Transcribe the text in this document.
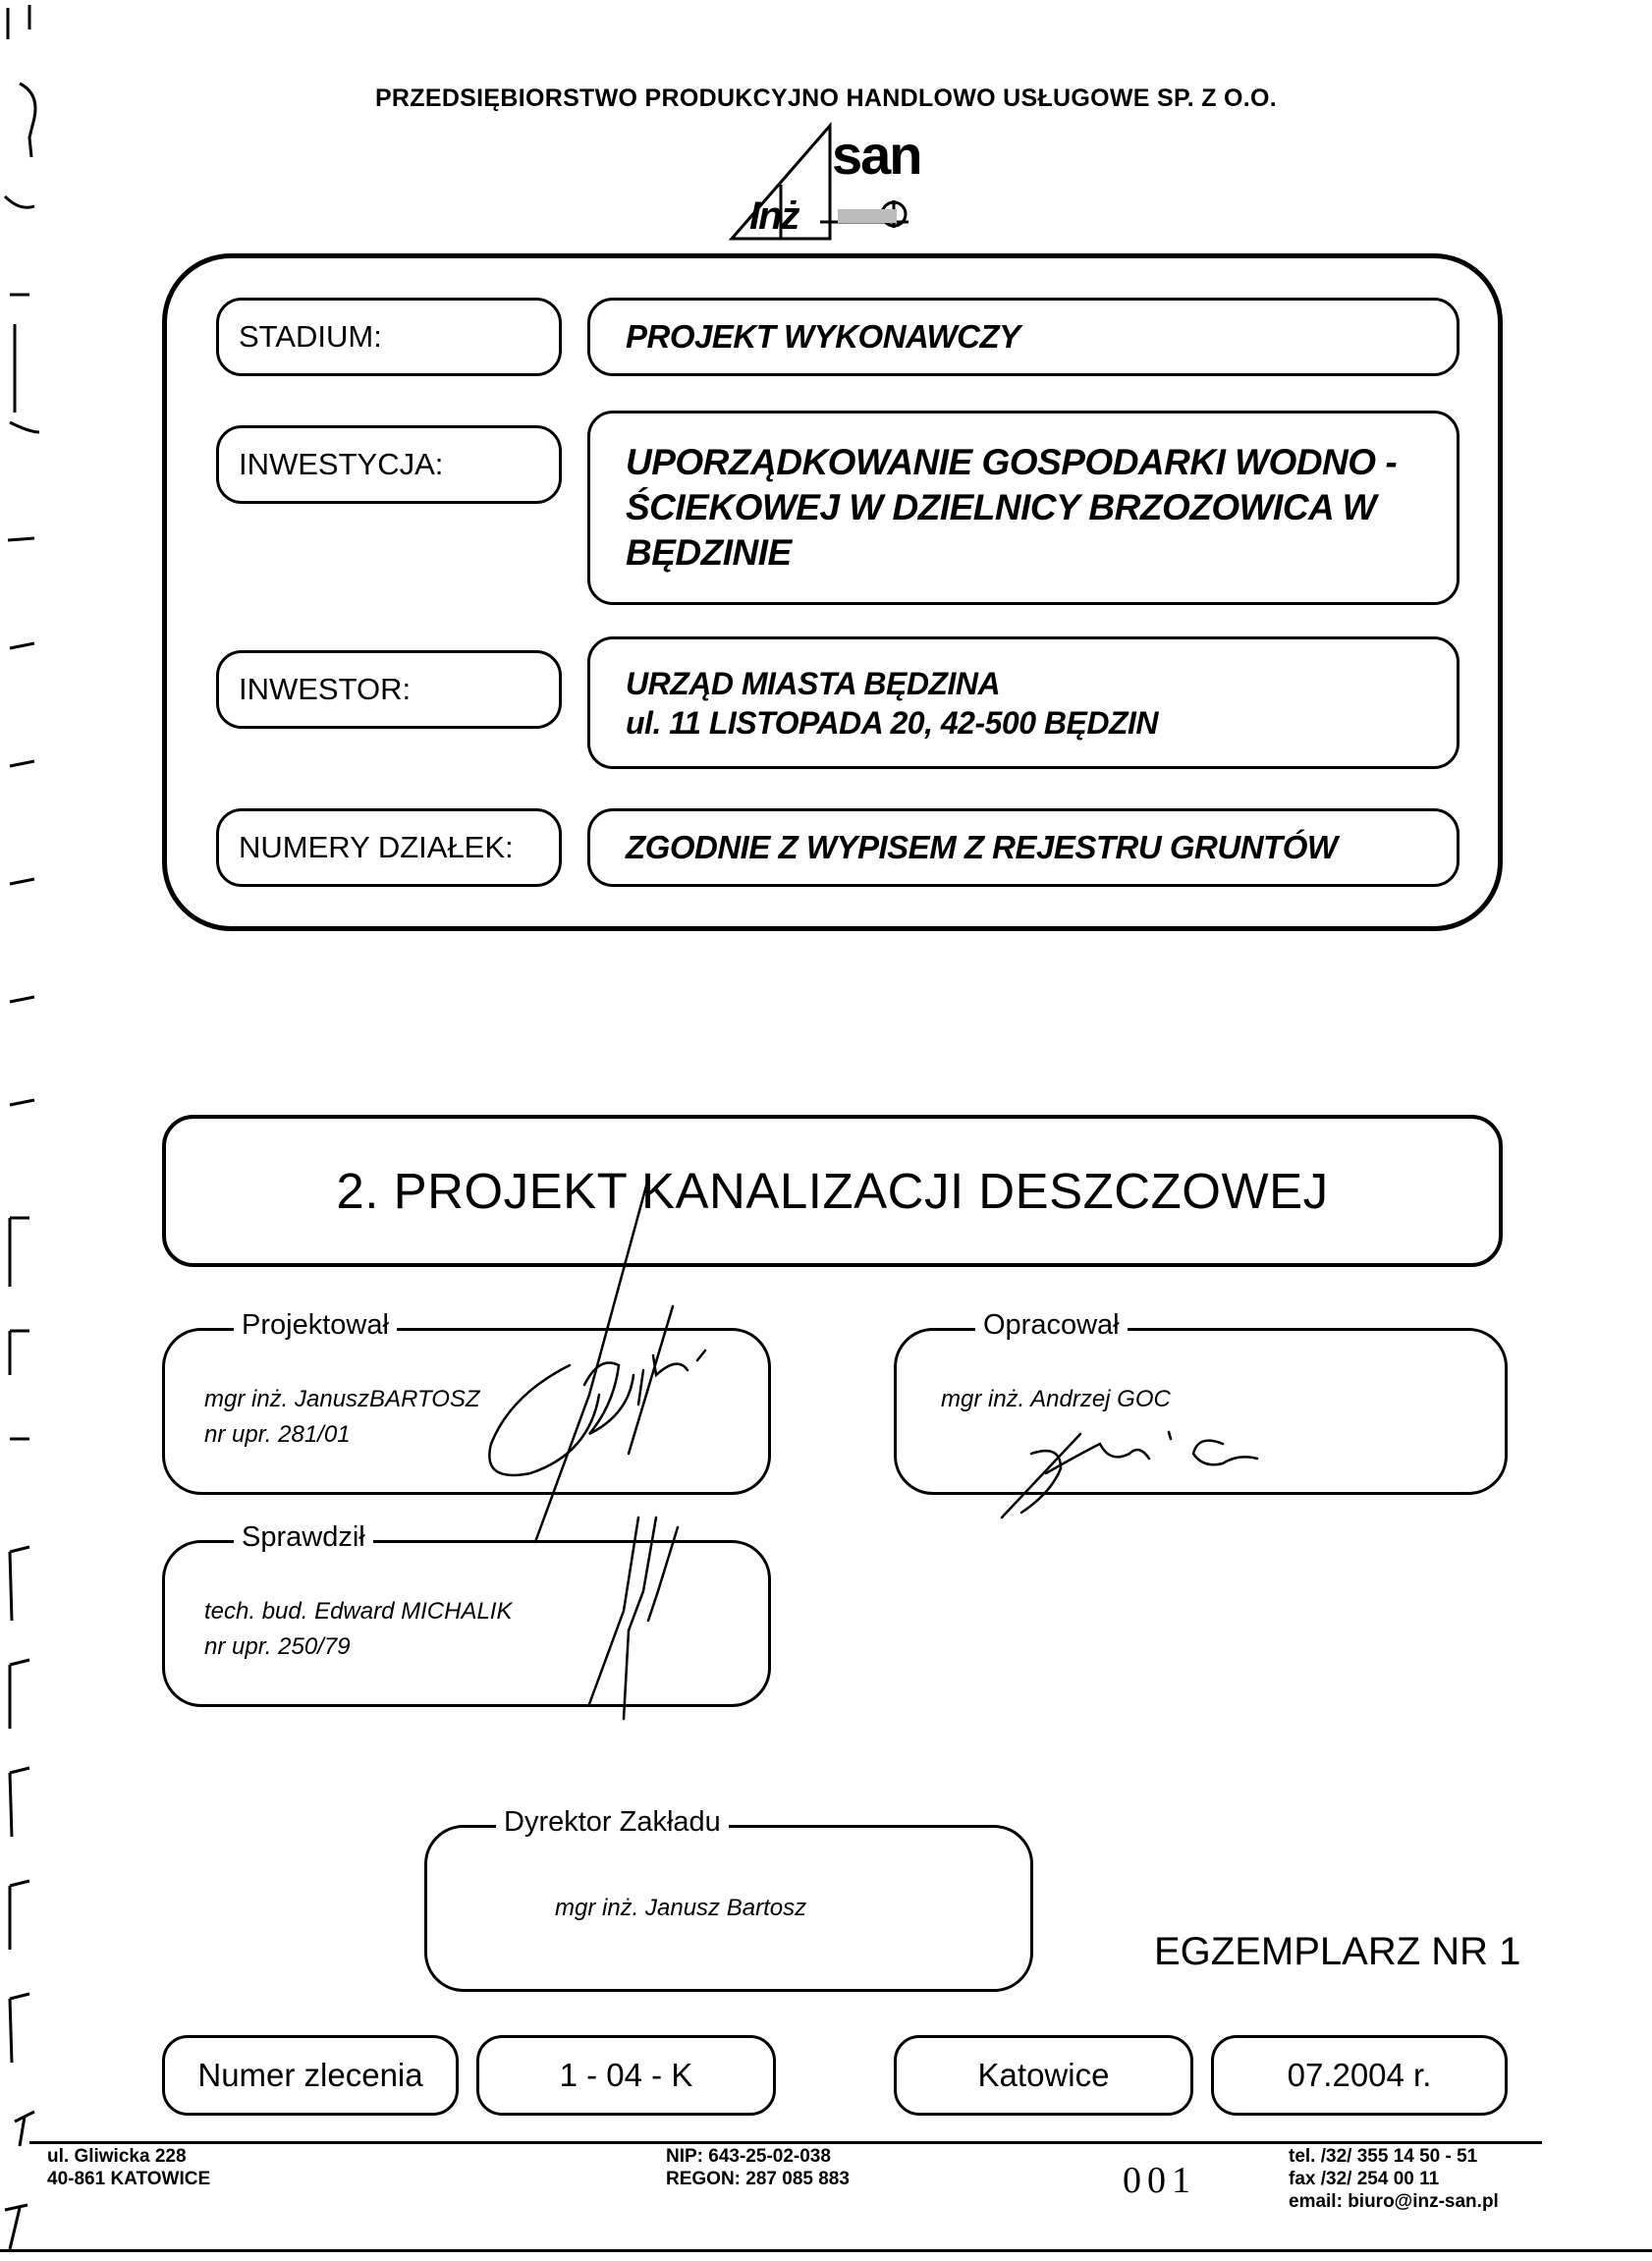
PRZEDSIĘBIORSTWO PRODUKCYJNO HANDLOWO USŁUGOWE SP. Z O.O.
san
Inż
STADIUM:	PROJEKT WYKONAWCZY
INWESTYCJA:	UPORZĄDKOWANIE GOSPODARKI WODNO -
ŚCIEKOWEJ W DZIELNICY BRZOZOWICA W
BĘDZINIE
INWESTOR:	URZĄD MIASTA BĘDZINA
ul. 11 LISTOPADA 20, 42-500 BĘDZIN
NUMERY DZIAŁEK:	ZGODNIE Z WYPISEM Z REJESTRU GRUNTÓW
2. PROJEKT KANALIZACJI DESZCZOWEJ
Projektował
mgr inż. JanuszBARTOSZ
nr upr. 281/01
Opracował
mgr inż. Andrzej GOC
Sprawdził
tech. bud. Edward MICHALIK
nr upr. 250/79
Dyrektor Zakładu
mgr inż. Janusz Bartosz
EGZEMPLARZ NR 1
Numer zlecenia	1 - 04 - K	Katowice	07.2004 r.
ul. Gliwicka 228
40-861 KATOWICE
NIP: 643-25-02-038
REGON: 287 085 883	001
tel. /32/ 355 14 50 - 51
fax /32/ 254 00 11
email: biuro@inz-san.pl
